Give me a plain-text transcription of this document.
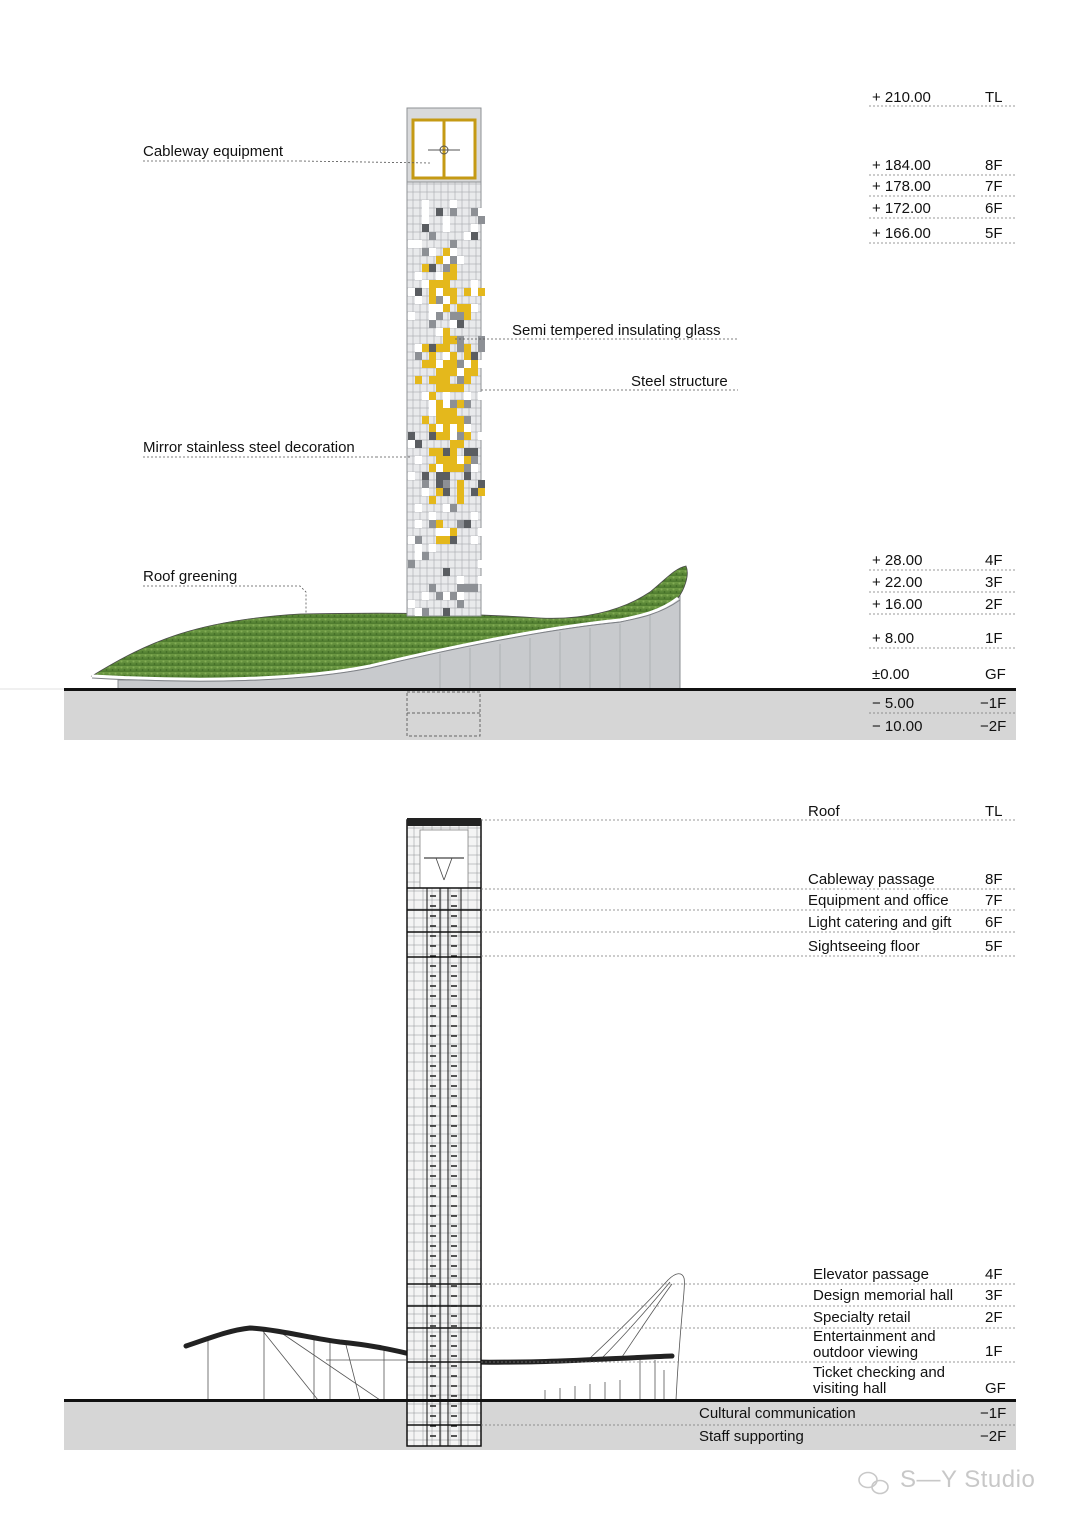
Cableway equipment
Semi tempered insulating glass
Steel structure
Mirror stainless steel decoration
Roof greening
+ 210.00	TL
+ 184.00	8F
+ 178.00	7F
+ 172.00	6F
+ 166.00	5F
+ 28.00	4F
+ 22.00	3F
+ 16.00	2F
+ 8.00	1F
±0.00	GF
− 5.00	−1F
− 10.00	−2F
Roof	TL
Cableway passage	8F
Equipment and office 7F
Light catering and gift 6F
Sightseeing floor	5F
Elevator passage	4F
Design memorial hall 3F
Specialty retail	2F
Entertainment and outdoor viewing	1F
Ticket checking and visiting hall	GF
Cultural communication	−1F
Staff supporting	−2F
S—Y Studio
